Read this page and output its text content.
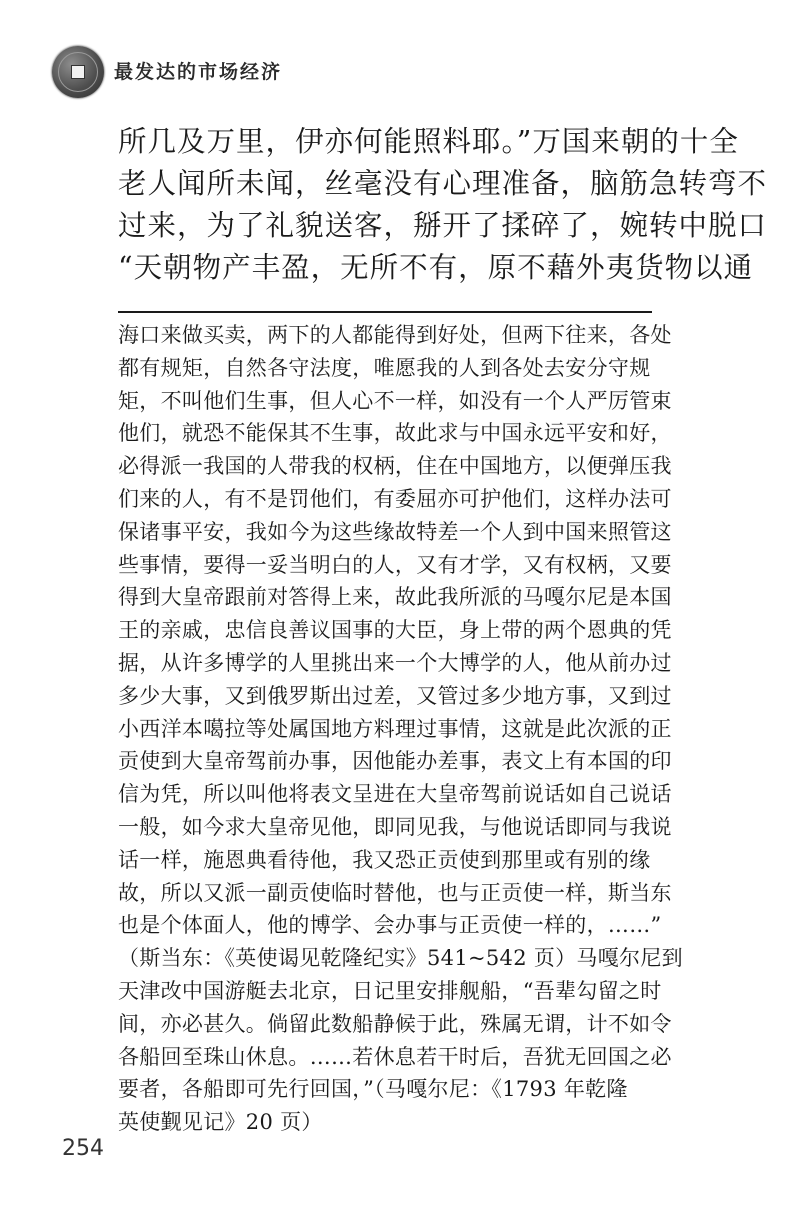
最发达的市场经济

所几及万里，伊亦何能照料耶。”万国来朝的十全

老人闻所未闻，丝毫没有心理准备，脑筋急转弯不

过来，为了礼貌送客，掰开了揉碎了，婉转中脱口

“天朝物产丰盈，无所不有，原不藉外夷货物以通

海口来做买卖，两下的人都能得到好处，但两下往来，各处

都有规矩，自然各守法度，唯愿我的人到各处去安分守规

矩，不叫他们生事，但人心不一样，如没有一个人严厉管束

他们，就恐不能保其不生事，故此求与中国永远平安和好，

必得派一我国的人带我的权柄，住在中国地方，以便弹压我

们来的人，有不是罚他们，有委屈亦可护他们，这样办法可

保诸事平安，我如今为这些缘故特差一个人到中国来照管这

些事情，要得一妥当明白的人，又有才学，又有权柄，又要

得到大皇帝跟前对答得上来，故此我所派的马嘎尔尼是本国

王的亲戚，忠信良善议国事的大臣，身上带的两个恩典的凭

据，从许多博学的人里挑出来一个大博学的人，他从前办过

多少大事，又到俄罗斯出过差，又管过多少地方事，又到过

小西洋本噶拉等处属国地方料理过事情，这就是此次派的正

贡使到大皇帝驾前办事，因他能办差事，表文上有本国的印

信为凭，所以叫他将表文呈进在大皇帝驾前说话如自己说话

一般，如今求大皇帝见他，即同见我，与他说话即同与我说

话一样，施恩典看待他，我又恐正贡使到那里或有别的缘

故，所以又派一副贡使临时替他，也与正贡使一样，斯当东

也是个体面人，他的博学、会办事与正贡使一样的，……”

（斯当东：《英使谒见乾隆纪实》541~542 页）马嘎尔尼到

天津改中国游艇去北京，日记里安排舰船，“吾辈勾留之时

间，亦必甚久。倘留此数船静候于此，殊属无谓，计不如令

各船回至珠山休息。……若休息若干时后，吾犹无回国之必

要者，各船即可先行回国，”（马嘎尔尼：《1793 年乾隆

英使觐见记》20 页）

254
